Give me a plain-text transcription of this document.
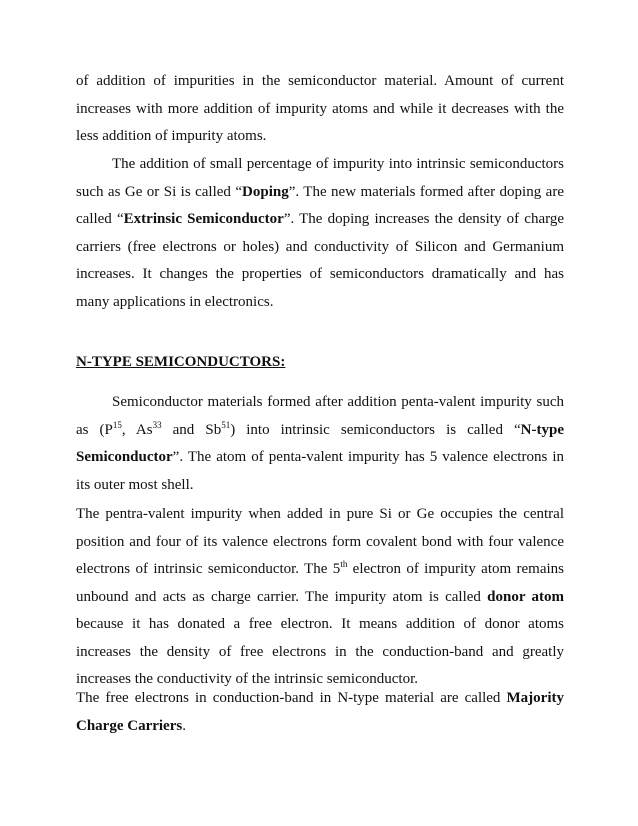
of addition of impurities in the semiconductor material. Amount of current increases with more addition of impurity atoms and while it decreases with the less addition of impurity atoms.

The addition of small percentage of impurity into intrinsic semiconductors such as Ge or Si is called “Doping”. The new materials formed after doping are called “Extrinsic Semiconductor”. The doping increases the density of charge carriers (free electrons or holes) and conductivity of Silicon and Germanium increases. It changes the properties of semiconductors dramatically and has many applications in electronics.

N-TYPE SEMICONDUCTORS:

Semiconductor materials formed after addition penta-valent impurity such as ($P^{15}$, As$^{33}$ and Sb$^{51}$) into intrinsic semiconductors is called “N-type Semiconductor”. The atom of penta-valent impurity has 5 valence electrons in its outer most shell.

The pentra-valent impurity when added in pure Si or Ge occupies the central position and four of its valence electrons form covalent bond with four valence electrons of intrinsic semiconductor. The 5th electron of impurity atom remains unbound and acts as charge carrier. The impurity atom is called donor atom because it has donated a free electron. It means addition of donor atoms increases the density of free electrons in the conduction-band and greatly increases the conductivity of the intrinsic semiconductor.

The free electrons in conduction-band in N-type material are called Majority Charge Carriers.
